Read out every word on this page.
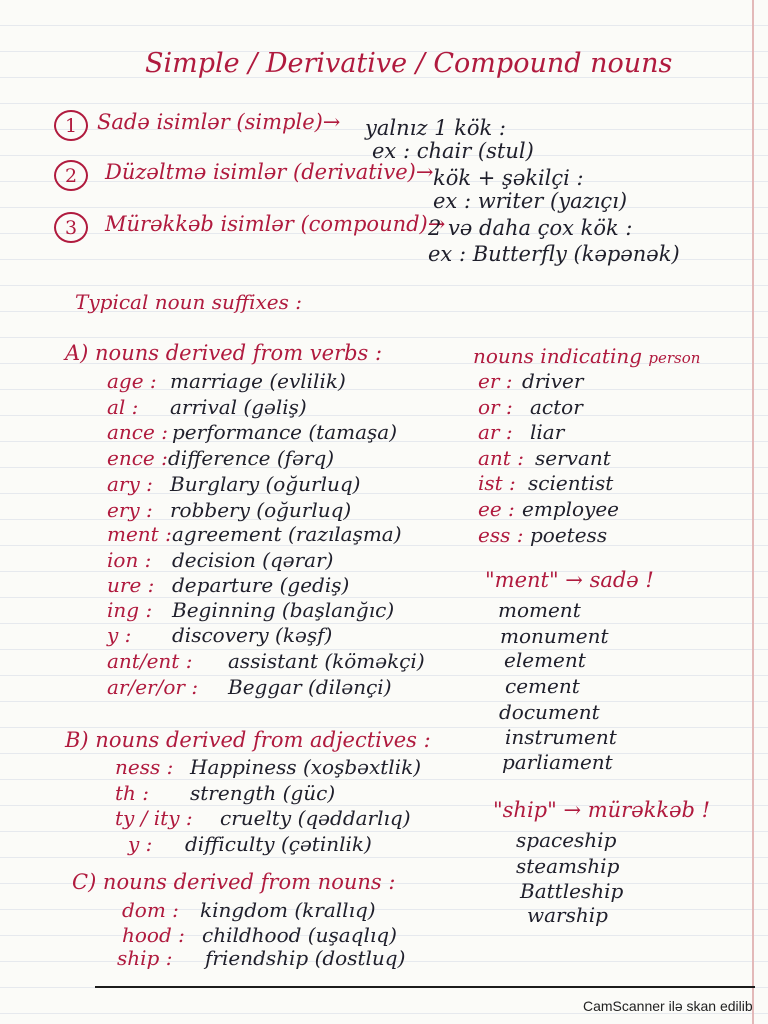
Simple / Derivative / Compound nouns
1 Sadə isimlər (simple)→ yalnız 1 kök :
ex : chair (stul)
2	Düzəltmə isimlər (derivative)→ kök + şəkilçi :
ex : writer (yazıçı)
3	Mürəkkəb isimlər (compound)→
2 və daha çox kök :
ex : Butterfly (kəpənək)
Typical noun suffixes :
A) nouns derived from verbs :
age : marriage (evlilik)
al : arrival (gəliş)
ance : performance (tamaşa)
ence : difference (fərq)
ary : Burglary (oğurluq)
ery : robbery (oğurluq)
ment : agreement (razılaşma)
ion : decision (qərar)
ure : departure (gediş)
ing : Beginning (başlanğıc)
y : discovery (kəşf)
ant/ent : assistant (köməkçi)
ar/er/or : Beggar (dilənçi)
nouns indicating person
er : driver
or : actor
ar : liar
ant : servant
ist : scientist
ee : employee
ess : poetess
"ment" → sadə !
moment
monument
element
cement
document
instrument
parliament
B) nouns derived from adjectives :
ness : Happiness (xoşbəxtlik)
th : strength (güc)
ty / ity : cruelty (qəddarlıq)
y : difficulty (çətinlik)
"ship" → mürəkkəb !
spaceship
steamship
Battleship
warship
C) nouns derived from nouns :
dom : kingdom (krallıq)
hood : childhood (uşaqlıq)
ship : friendship (dostluq)
CamScanner ilə skan edilib
